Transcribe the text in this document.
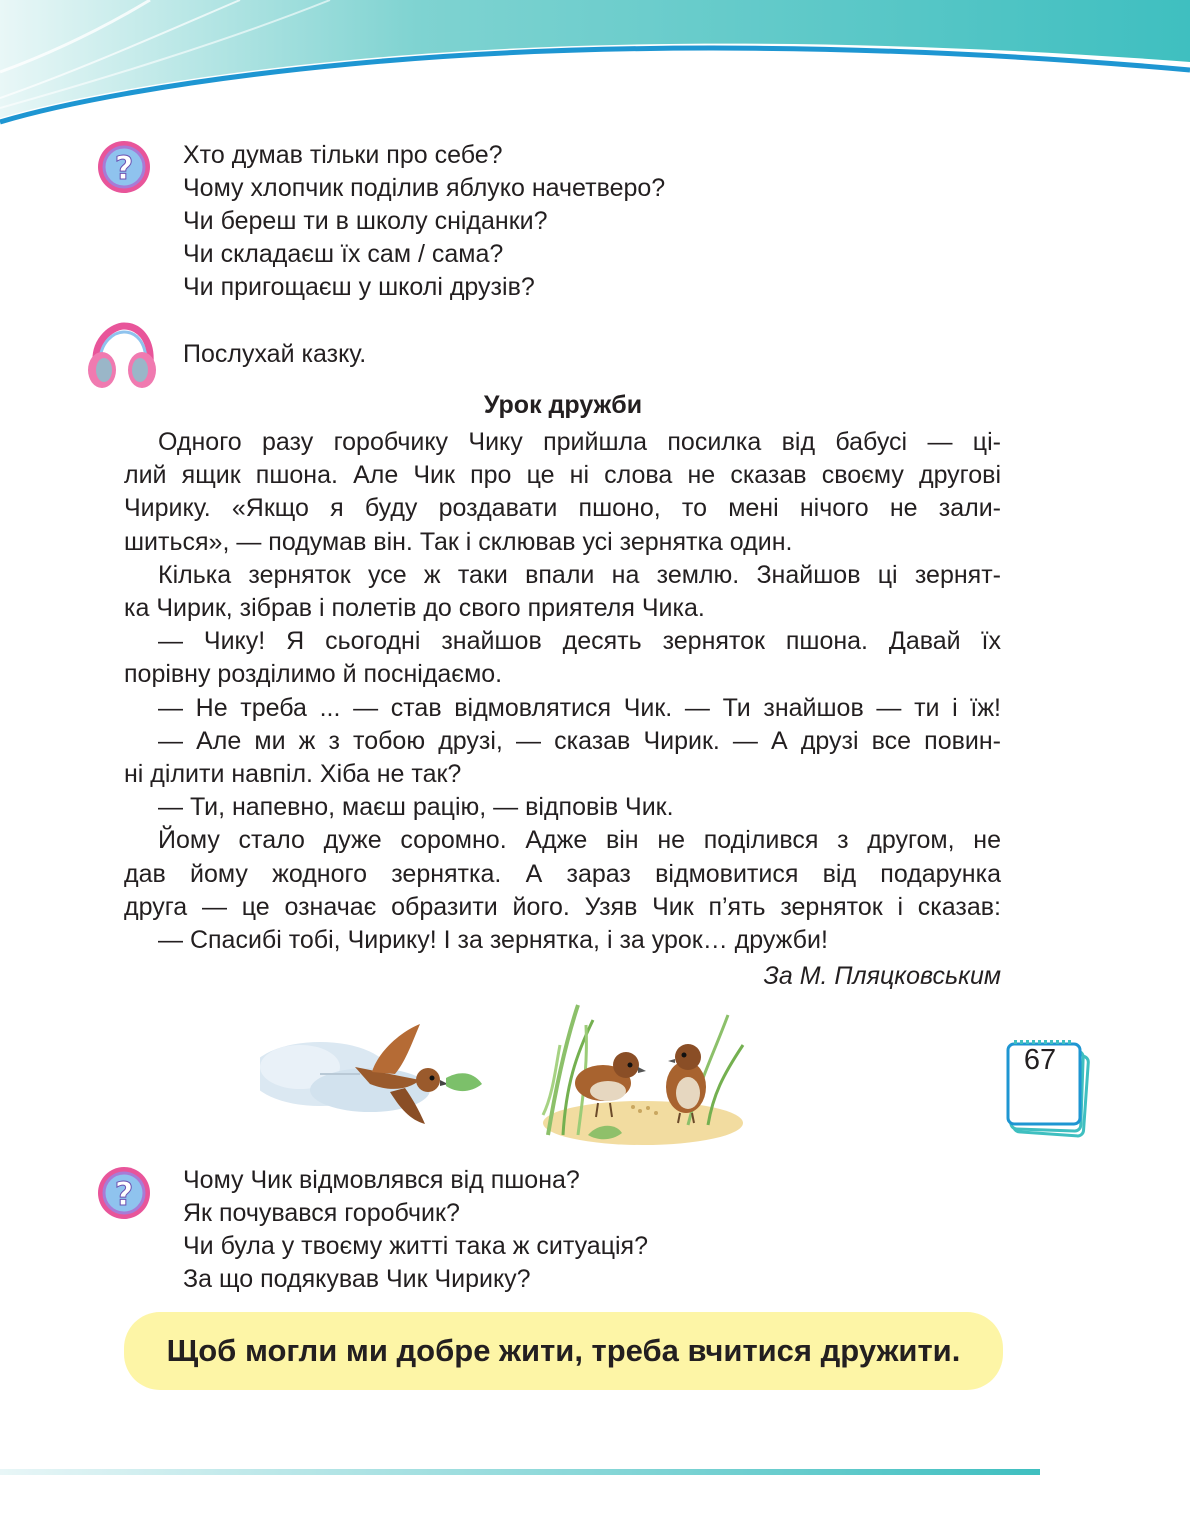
? Хто думав тільки про себе?
Чому хлопчик поділив яблуко начетверо?
Чи береш ти в школу сніданки?
Чи складаєш їх сам / сама?
Чи пригощаєш у школі друзів?
Послухай казку.
Урок дружби
Одного разу горобчику Чику прийшла посилка від бабусі — ці-
лий ящик пшона. Але Чик про це ні слова не сказав своєму другові
Чирику. «Якщо я буду роздавати пшоно, то мені нічого не зали-
шиться», — подумав він. Так і склював усі зернятка один.
Кілька зерняток усе ж таки впали на землю. Знайшов ці зернят-
ка Чирик, зібрав і полетів до свого приятеля Чика.
— Чику! Я сьогодні знайшов десять зерняток пшона. Давай їх
порівну розділимо й поснідаємо.
— Не треба ... — став відмовлятися Чик. — Ти знайшов — ти і їж!
— Але ми ж з тобою друзі, — сказав Чирик. — А друзі все повин-
ні ділити навпіл. Хіба не так?
— Ти, напевно, маєш рацію, — відповів Чик.
Йому стало дуже соромно. Адже він не поділився з другом, не
дав йому жодного зернятка. А зараз відмовитися від подарунка
друга — це означає образити його. Узяв Чик п’ять зерняток і сказав:
— Спасибі тобі, Чирику! І за зернятка, і за урок… дружби!
За М. Пляцковським
? Чому Чик відмовлявся від пшона?
Як почувався горобчик?
Чи була у твоєму житті така ж ситуація?
За що подякував Чик Чирику?
Щоб могли ми добре жити, треба вчитися дружити.
67
